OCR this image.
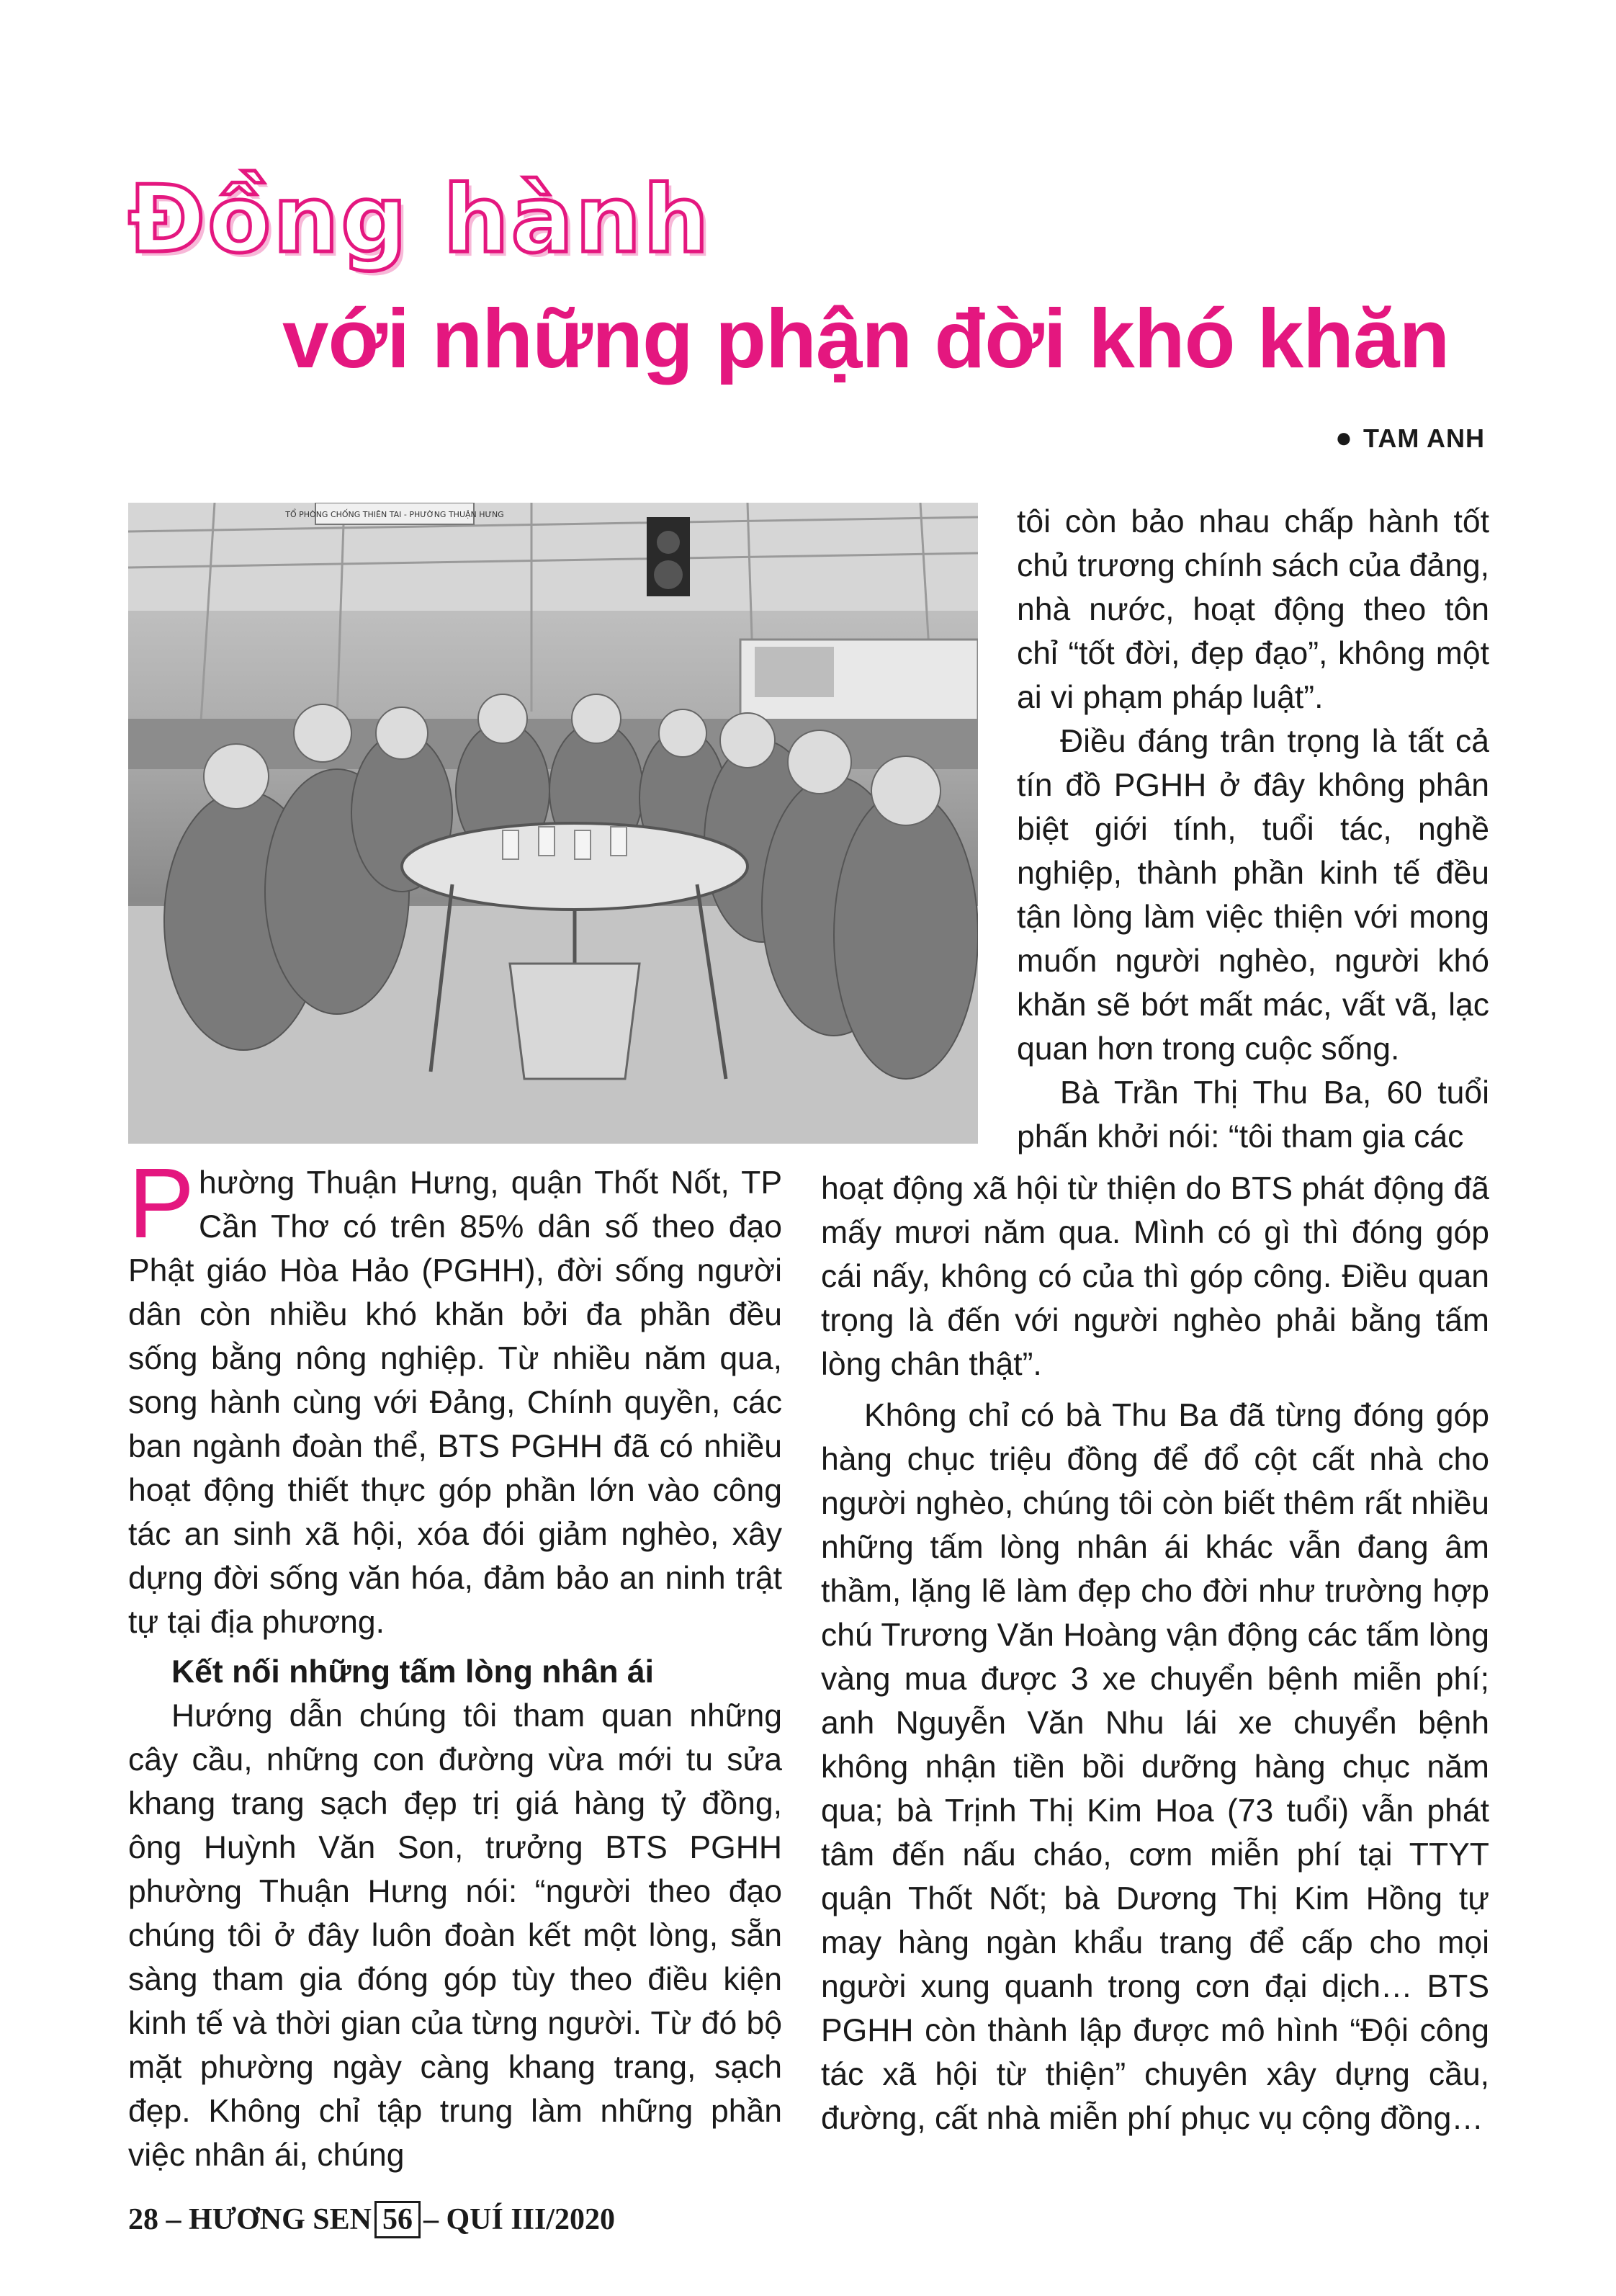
Đồng hành
với những phận đời khó khăn
● TAM ANH
TỔ PHÒNG CHỐNG THIÊN TAI - PHƯỜNG THUẬN HƯNG

Phường Thuận Hưng, quận Thốt Nốt, TP Cần Thơ có trên 85% dân số theo đạo Phật giáo Hòa Hảo (PGHH), đời sống người dân còn nhiều khó khăn bởi đa phần đều sống bằng nông nghiệp. Từ nhiều năm qua, song hành cùng với Đảng, Chính quyền, các ban ngành đoàn thể, BTS PGHH đã có nhiều hoạt động thiết thực góp phần lớn vào công tác an sinh xã hội, xóa đói giảm nghèo, xây dựng đời sống văn hóa, đảm bảo an ninh trật tự tại địa phương.

Kết nối những tấm lòng nhân ái

Hướng dẫn chúng tôi tham quan những cây cầu, những con đường vừa mới tu sửa khang trang sạch đẹp trị giá hàng tỷ đồng, ông Huỳnh Văn Son, trưởng BTS PGHH phường Thuận Hưng nói: “người theo đạo chúng tôi ở đây luôn đoàn kết một lòng, sẵn sàng tham gia đóng góp tùy theo điều kiện kinh tế và thời gian của từng người. Từ đó bộ mặt phường ngày càng khang trang, sạch đẹp. Không chỉ tập trung làm những phần việc nhân ái, chúng

tôi còn bảo nhau chấp hành tốt chủ trương chính sách của đảng, nhà nước, hoạt động theo tôn chỉ “tốt đời, đẹp đạo”, không một ai vi phạm pháp luật”.

Điều đáng trân trọng là tất cả tín đồ PGHH ở đây không phân biệt giới tính, tuổi tác, nghề nghiệp, thành phần kinh tế đều tận lòng làm việc thiện với mong muốn người nghèo, người khó khăn sẽ bớt mất mác, vất vã, lạc quan hơn trong cuộc sống.

Bà Trần Thị Thu Ba, 60 tuổi phấn khởi nói: “tôi tham gia các

hoạt động xã hội từ thiện do BTS phát động đã mấy mươi năm qua. Mình có gì thì đóng góp cái nấy, không có của thì góp công. Điều quan trọng là đến với người nghèo phải bằng tấm lòng chân thật”.

Không chỉ có bà Thu Ba đã từng đóng góp hàng chục triệu đồng để đổ cột cất nhà cho người nghèo, chúng tôi còn biết thêm rất nhiều những tấm lòng nhân ái khác vẫn đang âm thầm, lặng lẽ làm đẹp cho đời như trường hợp chú Trương Văn Hoàng vận động các tấm lòng vàng mua được 3 xe chuyển bệnh miễn phí; anh Nguyễn Văn Nhu lái xe chuyển bệnh không nhận tiền bồi dưỡng hàng chục năm qua; bà Trịnh Thị Kim Hoa (73 tuổi) vẫn phát tâm đến nấu cháo, cơm miễn phí tại TTYT quận Thốt Nốt; bà Dương Thị Kim Hồng tự may hàng ngàn khẩu trang để cấp cho mọi người xung quanh trong cơn đại dịch… BTS PGHH còn thành lập được mô hình “Đội công tác xã hội từ thiện” chuyên xây dựng cầu, đường, cất nhà miễn phí phục vụ cộng đồng…

28 – HƯƠNG SEN 56 – QUÍ III/2020
